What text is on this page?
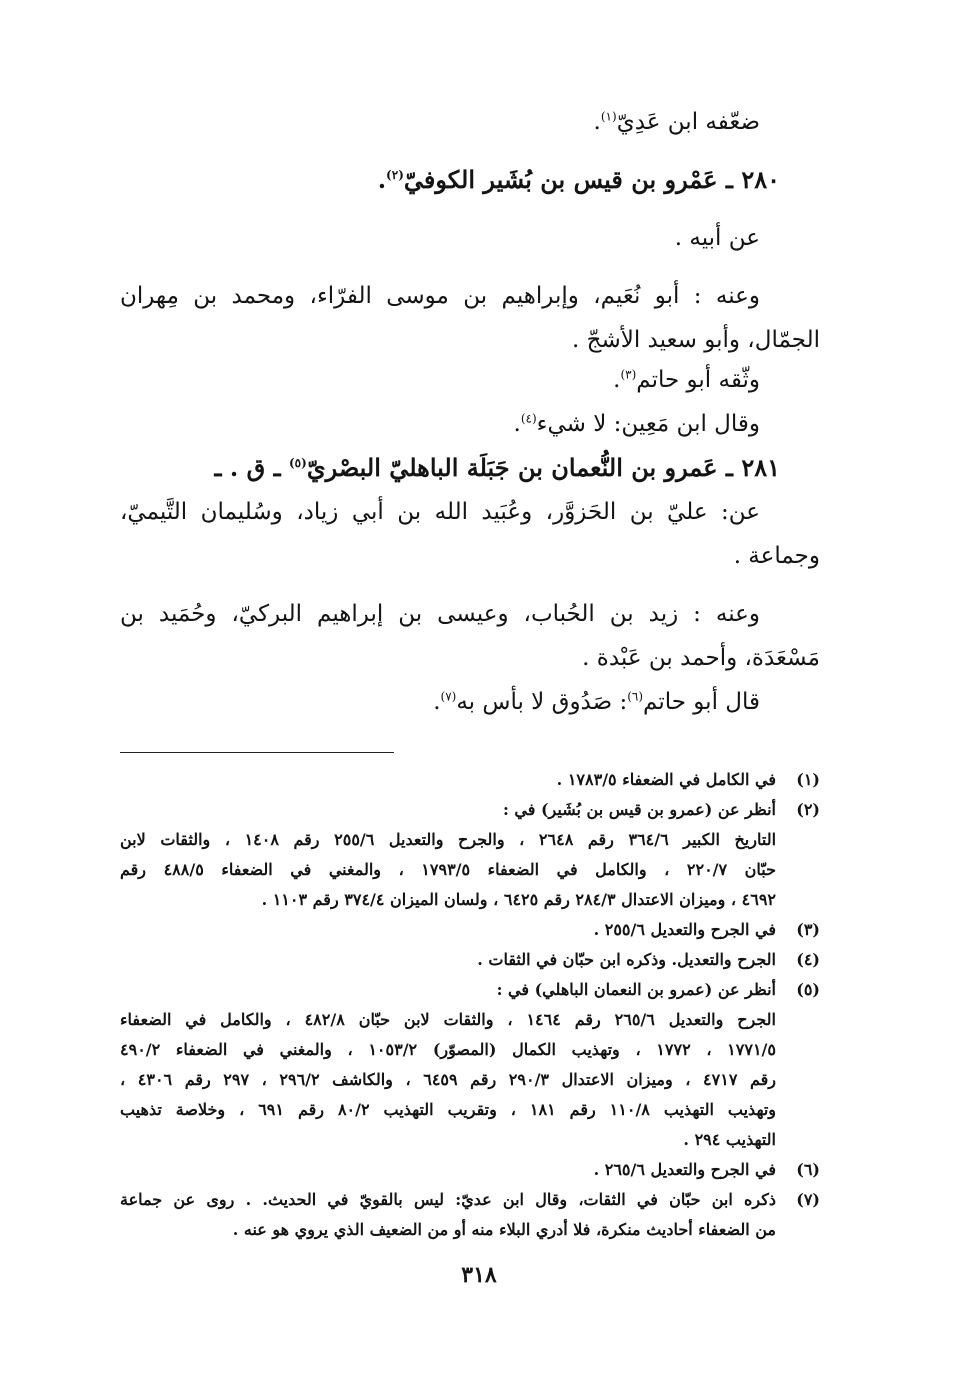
ضعّفه ابن عَدِيّ$^{(١)}$.

٢٨٠ ـ عَمْرو بن قيس بن بُشَير الكوفيّ$^{(٢)}$.

عن أبيه .

وعنه : أبو نُعَيم، وإبراهيم بن موسى الفرّاء، ومحمد بن مِهران

الجمّال، وأبو سعيد الأشجّ .

وثّقه أبو حاتم$^{(٣)}$.

وقال ابن مَعِين: لا شيء$^{(٤)}$.

٢٨١ ـ عَمرو بن النُّعمان بن جَبَلَة الباهليّ البصْريّ$^{(٥)}$ ـ ق . ـ

عن: عليّ بن الحَزوَّر، وعُبَيد الله بن أبي زياد، وسُليمان التَّيميّ،

وجماعة .

وعنه : زيد بن الحُباب، وعيسى بن إبراهيم البركيّ، وحُمَيد بن

مَسْعَدَة، وأحمد بن عَبْدة .

قال أبو حاتم$^{(٦)}$: صَدُوق لا بأس به$^{(٧)}$.

(١)

في الكامل في الضعفاء ١٧٨٣/٥ .

(٢)

أنظر عن (عمرو بن قيس بن بُشَير) في :

التاريخ الكبير ٣٦٤/٦ رقم ٢٦٤٨ ، والجرح والتعديل ٢٥٥/٦ رقم ١٤٠٨ ، والثقات لابن

حبّان ٢٢٠/٧ ، والكامل في الضعفاء ١٧٩٣/٥ ، والمغني في الضعفاء ٤٨٨/٥ رقم

٤٦٩٢ ، وميزان الاعتدال ٢٨٤/٣ رقم ٦٤٢٥ ، ولسان الميزان ٣٧٤/٤ رقم ١١٠٣ .

(٣)

في الجرح والتعديل ٢٥٥/٦ .

(٤)

الجرح والتعديل. وذكره ابن حبّان في الثقات .

(٥)

أنظر عن (عمرو بن النعمان الباهلي) في :

الجرح والتعديل ٢٦٥/٦ رقم ١٤٦٤ ، والثقات لابن حبّان ٤٨٢/٨ ، والكامل في الضعفاء

١٧٧١/٥ ، ١٧٧٢ ، وتهذيب الكمال (المصوّر) ١٠٥٣/٢ ، والمغني في الضعفاء ٤٩٠/٢

رقم ٤٧١٧ ، وميزان الاعتدال ٢٩٠/٣ رقم ٦٤٥٩ ، والكاشف ٢٩٦/٢ ، ٢٩٧ رقم ٤٣٠٦ ،

وتهذيب التهذيب ١١٠/٨ رقم ١٨١ ، وتقريب التهذيب ٨٠/٢ رقم ٦٩١ ، وخلاصة تذهيب

التهذيب ٢٩٤ .

(٦)

في الجرح والتعديل ٢٦٥/٦ .

(٧)

ذكره ابن حبّان في الثقات، وقال ابن عديّ: ليس بالقويّ في الحديث. . روى عن جماعة

من الضعفاء أحاديث منكرة، فلا أدري البلاء منه أو من الضعيف الذي يروي هو عنه .

٣١٨
